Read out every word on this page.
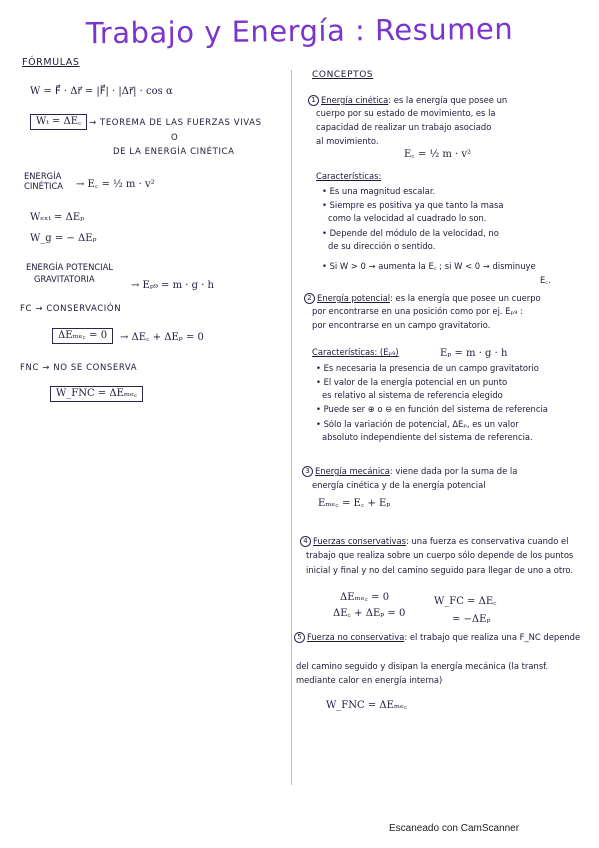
Trabajo y Energía : Resumen
FÓRMULAS
W = F⃗ · Δr⃗ = |F⃗| · |Δr⃗| · cos α
Wₜ = ΔE꜀ → TEOREMA DE LAS FUERZAS VIVAS
O
DE LA ENERGÍA CINÉTICA
ENERGÍA
CINÉTICA → E꜀ = ½ m · v²
Wₑₓₜ = ΔEₚ
W_g = − ΔEₚ
ENERGÍA POTENCIAL
GRAVITATORIA
→ Eₚ₉ = m · g · h
FC → CONSERVACIÓN
ΔEₘₑ꜀ = 0	→ ΔE꜀ + ΔEₚ = 0
FNC → NO SE CONSERVA
W_FNC = ΔEₘₑ꜀
CONCEPTOS
1 Energía cinética: es la energía que posee un
cuerpo por su estado de movimiento, es la
capacidad de realizar un trabajo asociado
al movimiento.
E꜀ = ½ m · v²
Características:
• Es una magnitud escalar.
• Siempre es positiva ya que tanto la masa
como la velocidad al cuadrado lo son.
• Depende del módulo de la velocidad, no
de su dirección o sentido.
• Si W > 0 → aumenta la E꜀ ; si W < 0 → disminuye
E꜀.
2 Energía potencial: es la energía que posee un cuerpo
por encontrarse en una posición como por ej. Eₚ₉ :
por encontrarse en un campo gravitatorio.
Características: (Eₚ₉)	Eₚ = m · g · h
• Es necesaria la presencia de un campo gravitatorio
• El valor de la energía potencial en un punto
es relativo al sistema de referencia elegido
• Puede ser ⊕ o ⊖ en función del sistema de referencia
• Sólo la variación de potencial, ΔEₚ, es un valor
absoluto independiente del sistema de referencia.
3 Energía mecánica: viene dada por la suma de la
energía cinética y de la energía potencial
Eₘₑ꜀ = E꜀ + Eₚ
4 Fuerzas conservativas: una fuerza es conservativa cuando el
trabajo que realiza sobre un cuerpo sólo depende de los puntos
inicial y final y no del camino seguido para llegar de uno a otro.
ΔEₘₑ꜀ = 0
ΔE꜀ + ΔEₚ = 0
W_FC = ΔE꜀
= −ΔEₚ
5 Fuerza no conservativa: el trabajo que realiza una F_NC depende
del camino seguido y disipan la energía mecánica (la transf.
mediante calor en energía interna)
W_FNC = ΔEₘₑ꜀
Escaneado con CamScanner
